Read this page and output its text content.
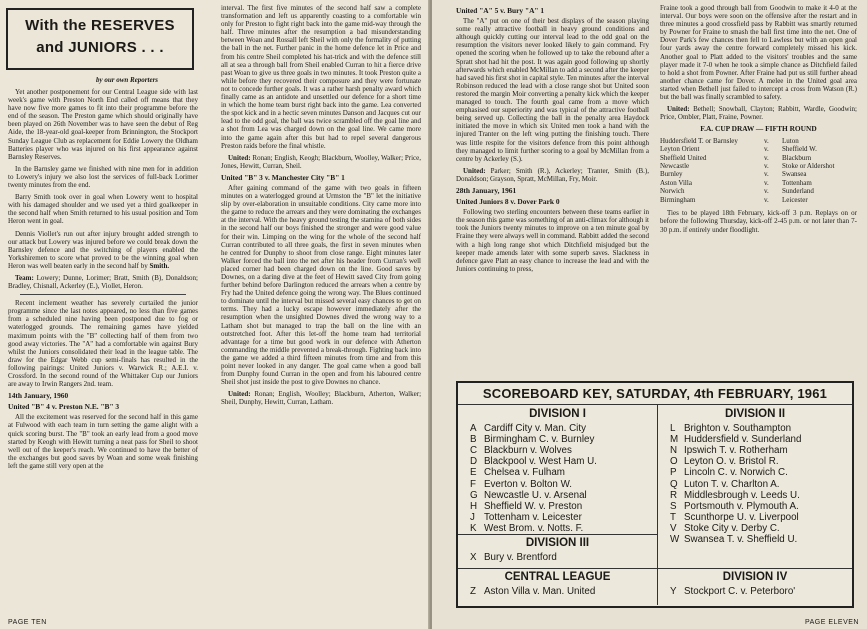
With the RESERVES
and JUNIORS . . .
by our own Reporters

Yet another postponement for our Central League side with last week's game with Preston North End called off means that they have now five more games to fit into their programme before the end of the season. The Preston game which should originally have been played on 26th November was to have seen the debut of Reg Aide, the 18-year-old goal-keeper from Brinnington, the Stockport Sunday League Club as replacement for Eddie Lowery the Oldham Batteries player who was injured on his first appearance against Barnsley Reserves.

In the Barnsley game we finished with nine men for in addition to Lowery's injury we also lost the services of full-back Lorimer twenty minutes from the end.

Barry Smith took over in goal when Lowery went to hospital with his damaged shoulder and we used yet a third goalkeeper in the second half when Smith returned to his usual position and Tom Heron went in goal.

Dennis Viollet's run out after injury brought added strength to our attack but Lowery was injured before we could break down the Barnsley defence and the switching of players enabled the Yorkshiremen to score what proved to be the winning goal when Heron was well beaten early in the second half by Smith.

Team: Lowery; Dunne, Lorimer; Bratt, Smith (B), Donaldson; Bradley, Chisnall, Ackerley (E.), Viollet, Heron.

Recent inclement weather has severely curtailed the junior programme since the last notes appeared, no less than five games from a scheduled nine having been postponed due to fog or waterlogged grounds. The remaining games have yielded maximum points with the "B" collecting half of them from two good away victories. The "A" had a comfortable win against Bury whilst the Juniors consolidated their lead in the league table. The draw for the Edgar Webb cup semi-finals has resulted in the following pairings: United Juniors v. Warwick R.; A.E.I. v. Crossford. In the second round of the Whittaker Cup our Juniors are away to Irwin Rangers 2nd. team.

14th January, 1960
United "B" 4 v. Preston N.E. "B" 3

All the excitement was reserved for the second half in this game at Fulwood with each team in turn setting the game alight with a quick scoring burst. The "B" took an early lead from a good move started by Keogh with Hewitt turning a neat pass for Sheil to shoot well out of the keeper's reach. We continued to have the better of the exchanges but good saves by Woan and some weak finishing left the game still very open at the

interval. The first five minutes of the second half saw a complete transformation and left us apparently coasting to a comfortable win only for Preston to fight right back into the game mid-way through the half. Three minutes after the resumption a bad misunderstanding between Woan and Rossall left Sheil with only the formality of putting the ball in the net. Further panic in the home defence let in Price and from his centre Sheil completed his hat-trick and with the defence still all at sea a through ball from Sheil enabled Curran to hit a fierce drive past Woan to give us three goals in two minutes. It took Preston quite a while before they recovered their composure and they were fortunate not to concede further goals. It was a rather harsh penalty award which finally came as an antidote and unsettled our defence for a short time in which the home team burst right back into the game. Lea converted the spot kick and in a hectic seven minutes Danson and Jacques cut our lead to the odd goal, the ball was twice scrambled off the goal line and a shot from Lea was charged down on the goal line. We came more into the game again after this but had to repel several dangerous Preston raids before the final whistle.

United: Ronan; English, Keogh; Blackburn, Woolley, Walker; Price, Jones, Hewitt, Curran, Sheil.

United "B" 3 v. Manchester City "B" 1

After gaining command of the game with two goals in fifteen minutes on a waterlogged ground at Urmston the "B" let the initiative slip by over-elaboration in unsuitable conditions. City came more into the game to reduce the arrears and they were dominating the exchanges at the interval. With the heavy ground testing the stamina of both sides in the second half our boys finished the stronger and were good value for their win. Limping on the wing for the whole of the second half Curran contributed to all three goals, the first in seven minutes when he centred for Dunphy to shoot from close range. Eight minutes later Walker forced the ball into the net after his header from Curran's well placed corner had been charged down on the line. Good saves by Downes, on a daring dive at the feet of Hewitt saved City from going further behind before Darlington reduced the arrears when a centre by Fry had the United defence going the wrong way. The Blues continued to dominate until the interval but missed several easy chances to get on terms. They had a lucky escape however immediately after the resumption when the unsighted Downes dived the wrong way to a Latham shot but managed to trap the ball on the line with an outstretched foot. After this let-off the home team had territorial advantage for a time but good work in our defence with Atherton commanding the middle prevented a break-through. Fighting back into the game we added a third fifteen minutes from time and from this point never looked in any danger. The goal came when a good ball from Dunphy found Curran in the open and from his laboured centre Sheil shot just inside the post to give Downes no chance.

United: Ronan; English, Woolley; Blackburn, Atherton, Walker; Sheil, Dunphy, Hewitt, Curran, Latham.

PAGE TEN
United "A" 5 v. Bury "A" 1

The "A" put on one of their best displays of the season playing some really attractive football in heavy ground conditions and although quickly cutting our interval lead to the odd goal on the resumption the visitors never looked likely to gain command. Fry opened the scoring when he followed up to take the rebound after a Spratt shot had hit the post. It was again good following up shortly afterwards which enabled McMillan to add a second after the keeper had saved his first shot in capital style. Ten minutes after the interval Robinson reduced the lead with a close range shot but United soon restored the margin Moir converting a penalty kick which the keeper managed to touch. The fourth goal came from a move which emphasised our superiority and was typical of the attractive football being served up. Collecting the ball in the penalty area Haydock initiated the move in which six United men took a hand with the injured Tranter on the left wing putting the finishing touch. There was little respite for the visitors defence from this point although they managed to limit further scoring to a goal by McMillan from a centre by Ackerley (S.).

United: Parker; Smith (R.), Ackerley; Tranter, Smith (B.), Donaldson; Grayson, Spratt, McMillan, Fry, Moir.

28th January, 1961
United Juniors 8 v. Dover Park 0

Following two sterling encounters between these teams earlier in the season this game was something of an anti-climax for although it took the Juniors twenty minutes to improve on a ten minute goal by Fraine they were always well in command. Rabbitt added the second with a high long range shot which Ditchfield misjudged but the keeper made amends later with some superb saves. Slackness in defence gave Platt an easy chance to increase the lead and with the Juniors continuing to press,

Fraine took a good through ball from Goodwin to make it 4-0 at the interval. Our boys were soon on the offensive after the restart and in three minutes a good crossfield pass by Rabbitt was smartly returned by Powner for Fraine to smash the ball first time into the net. One of Dover Park's few chances then fell to Lawless but with an open goal four yards away the centre forward completely missed his kick. Another goal to Platt added to the visitors' troubles and the same player made it 7-0 when he took a simple chance as Ditchfield failed to hold a shot from Powner. After Fraine had put us still further ahead another chance came for Dover. A melee in the United goal area started when Bethell just failed to intercept a cross from Watson (R.) but the ball was finally scrambled to safety.

United: Bethell; Snowball, Clayton; Rabbitt, Wardle, Goodwin; Price, Ombler, Platt, Fraine, Powner.

F.A. CUP DRAW — FIFTH ROUND
Huddersfield T. or Barnsley	v.	Luton
Leyton Orient	v.	Sheffield W.
Sheffield United	v.	Blackburn
Newcastle	v.	Stoke or Aldershot
Burnley	v.	Swansea
Aston Villa	v.	Tottenham
Norwich	v.	Sunderland
Birmingham	v.	Leicester

Ties to be played 18th February, kick-off 3 p.m. Replays on or before the following Thursday, kick-off 2-45 p.m. or not later than 7-30 p.m. if entirely under floodlight.

PAGE ELEVEN
SCOREBOARD KEY, SATURDAY, 4th FEBRUARY, 1961
DIVISION I
A Cardiff City v. Man. City
B Birmingham C. v. Burnley
C Blackburn v. Wolves
D Blackpool v. West Ham U.
E Chelsea v. Fulham
F Everton v. Bolton W.
G Newcastle U. v. Arsenal
H Sheffield W. v. Preston
J Tottenham v. Leicester
K West Brom. v. Notts. F.
DIVISION II
L Brighton v. Southampton
M Huddersfield v. Sunderland
N Ipswich T. v. Rotherham
O Leyton O. v. Bristol R.
P Lincoln C. v. Norwich C.
Q Luton T. v. Charlton A.
R Middlesbrough v. Leeds U.
S Portsmouth v. Plymouth A.
T Scunthorpe U. v. Liverpool
V Stoke City v. Derby C.
W Swansea T. v. Sheffield U.
DIVISION III
X Bury v. Brentford
CENTRAL LEAGUE
Z Aston Villa v. Man. United
DIVISION IV
Y Stockport C. v. Peterboro'
